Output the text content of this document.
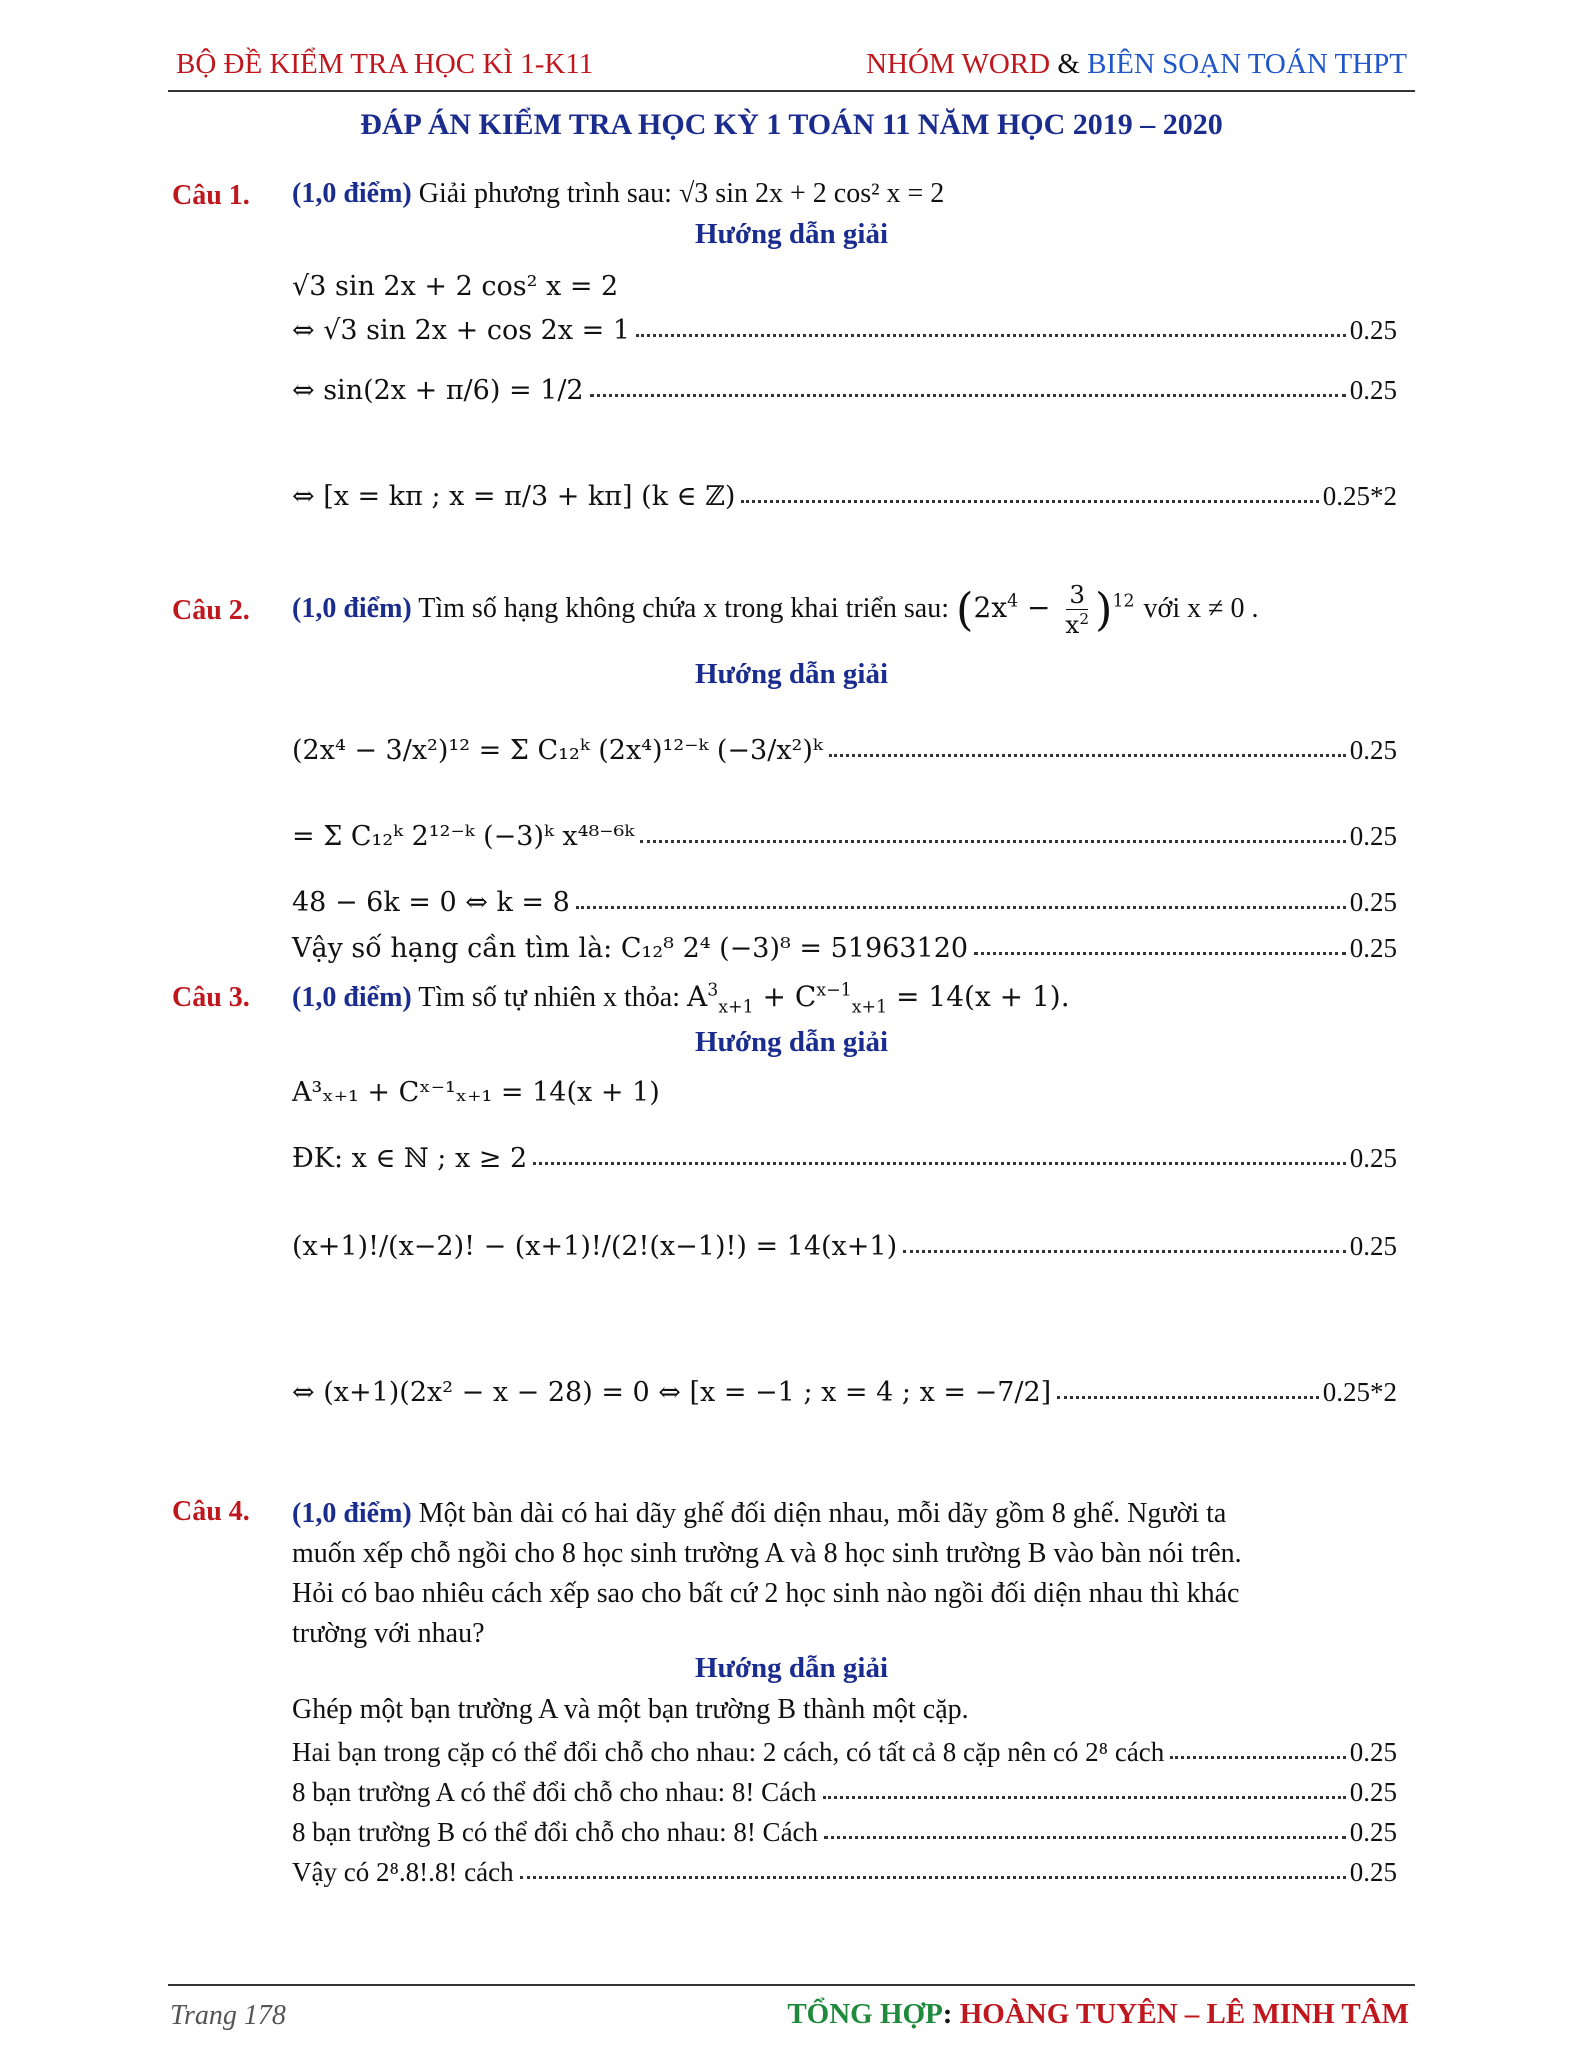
BỘ ĐỀ KIỂM TRA HỌC KÌ 1-K11	NHÓM WORD & BIÊN SOẠN TOÁN THPT
ĐÁP ÁN KIỂM TRA HỌC KỲ 1 TOÁN 11 NĂM HỌC 2019 – 2020
Câu 1. (1,0 điểm) Giải phương trình sau: √3 sin 2x + 2 cos² x = 2
Hướng dẫn giải
√3 sin 2x + 2 cos² x = 2
⇔ √3 sin 2x + cos 2x = 1	0.25
⇔ sin(2x + π/6) = 1/2	0.25
⇔ [x = kπ ; x = π/3 + kπ] (k ∈ ℤ)	0.25*2
Câu 2. (1,0 điểm) Tìm số hạng không chứa x trong khai triển sau: $(2x^4 - \frac{3}{x^2} )^{12}$ với x ≠ 0 .
Hướng dẫn giải
(2x⁴ − 3/x²)¹² = Σ C₁₂ᵏ (2x⁴)¹²⁻ᵏ (−3/x²)ᵏ	0.25
= Σ C₁₂ᵏ 2¹²⁻ᵏ (−3)ᵏ x⁴⁸⁻⁶ᵏ	0.25
48 − 6k = 0 ⇔ k = 8	0.25
Vậy số hạng cần tìm là: C₁₂⁸ 2⁴ (−3)⁸ = 51963120	0.25
Câu 3. (1,0 điểm) Tìm số tự nhiên x thỏa: $A^3_{x+1} + C^{x-1}_{x+1} = 14(x + 1)$.
Hướng dẫn giải
A³ₓ₊₁ + Cˣ⁻¹ₓ₊₁ = 14(x + 1)
ĐK: x ∈ ℕ ; x ≥ 2	0.25
(x+1)!/(x−2)! − (x+1)!/(2!(x−1)!) = 14(x+1)	0.25
⇔ (x+1)(2x² − x − 28) = 0 ⇔ [x = −1 ; x = 4 ; x = −7/2]	0.25*2
Câu 4. (1,0 điểm) Một bàn dài có hai dãy ghế đối diện nhau, mỗi dãy gồm 8 ghế. Người ta
muốn xếp chỗ ngồi cho 8 học sinh trường A và 8 học sinh trường B vào bàn nói trên.
Hỏi có bao nhiêu cách xếp sao cho bất cứ 2 học sinh nào ngồi đối diện nhau thì khác
trường với nhau?
Hướng dẫn giải
Ghép một bạn trường A và một bạn trường B thành một cặp.
Hai bạn trong cặp có thể đổi chỗ cho nhau: 2 cách, có tất cả 8 cặp nên có 2⁸ cách	0.25
8 bạn trường A có thể đổi chỗ cho nhau: 8! Cách	0.25
8 bạn trường B có thể đổi chỗ cho nhau: 8! Cách	0.25
Vậy có 2⁸.8!.8! cách	0.25
Trang 178	TỔNG HỢP: HOÀNG TUYÊN – LÊ MINH TÂM
